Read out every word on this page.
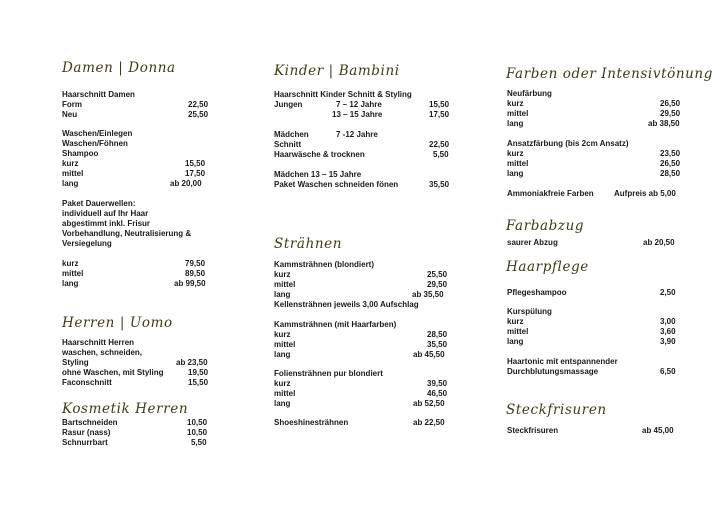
Damen | Donna
Haarschnitt Damen
Form	22,50
Neu	25,50
Waschen/Einlegen
Waschen/Föhnen
Shampoo
kurz	15,50
mittel	17,50
lang	ab 20,00
Paket Dauerwellen:
individuell auf Ihr Haar
abgestimmt inkl. Frisur
Vorbehandlung, Neutralisierung &
Versiegelung
kurz	79,50
mittel	89,50
lang	ab 99,50
Herren | Uomo
Haarschnitt Herren
waschen, schneiden,
Styling	ab 23,50
ohne Waschen, mit Styling	19,50
Faconschnitt	15,50
Kosmetik Herren
Bartschneiden	10,50
Rasur (nass)	10,50
Schnurrbart	5,50
Kinder | Bambini
Haarschnitt Kinder Schnitt & Styling
Jungen	7 – 12 Jahre	15,50
13 – 15 Jahre	17,50
Mädchen	7 -12 Jahre
Schnitt	22,50
Haarwäsche & trocknen	5,50
Mädchen 13 – 15 Jahre
Paket Waschen schneiden fönen	35,50
Strähnen
Kammsträhnen (blondiert)
kurz	25,50
mittel	29,50
lang	ab 35,50
Kellensträhnen jeweils 3,00 Aufschlag
Kammsträhnen (mit Haarfarben)
kurz	28,50
mittel	35,50
lang	ab 45,50
Foliensträhnen pur blondiert
kurz	39,50
mittel	46,50
lang	ab 52,50
Shoeshinesträhnen	ab 22,50
Farben oder Intensivtönung
Neufärbung
kurz	26,50
mittel	29,50
lang	ab 38,50
Ansatzfärbung (bis 2cm Ansatz)
kurz	23,50
mittel	26,50
lang	28,50
Ammoniakfreie Farben	Aufpreis ab 5,00
Farbabzug
saurer Abzug	ab 20,50
Haarpflege
Pflegeshampoo	2,50
Kurspülung
kurz	3,00
mittel	3,60
lang	3,90
Haartonic mit entspannender
Durchblutungsmassage	6,50
Steckfrisuren
Steckfrisuren	ab 45,00
